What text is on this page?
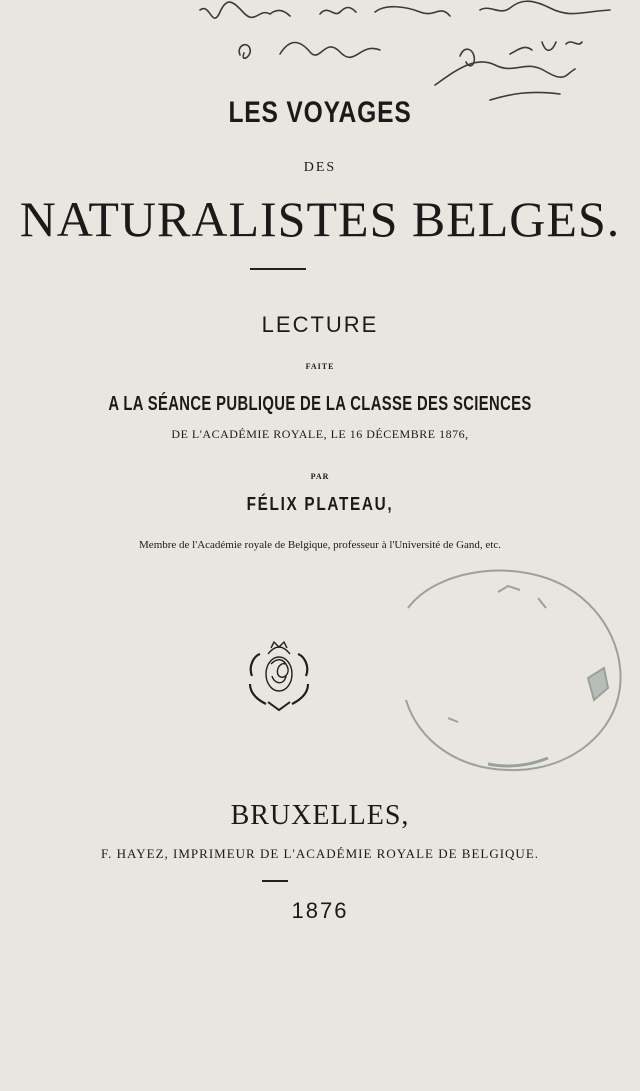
LES VOYAGES
DES
NATURALISTES BELGES.
LECTURE
FAITE
A LA SÉANCE PUBLIQUE DE LA CLASSE DES SCIENCES
DE L'ACADÉMIE ROYALE, LE 16 DÉCEMBRE 1876,
PAR
FÉLIX PLATEAU,
Membre de l'Académie royale de Belgique, professeur à l'Université de Gand, etc.
BRUXELLES,
F. HAYEZ, IMPRIMEUR DE L'ACADÉMIE ROYALE DE BELGIQUE.
1876
